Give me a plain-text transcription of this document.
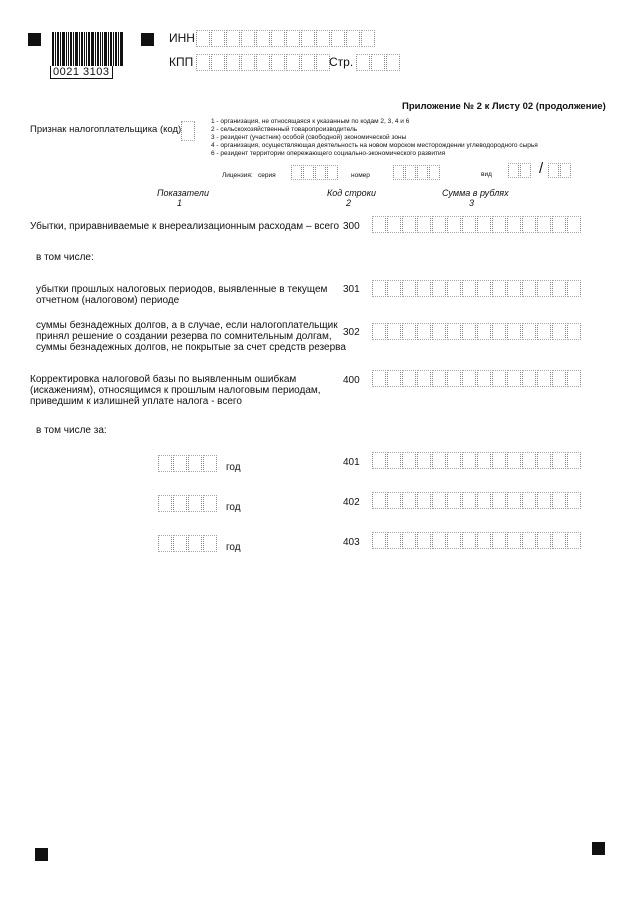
0021 3103
ИНН
КПП	Стр.
Приложение № 2 к Листу 02 (продолжение)
Признак налогоплательщика (код)
1 - организация, не относящаяся к указанным по кодам 2, 3, 4 и 6
2 - сельскохозяйственный товаропроизводитель
3 - резидент (участник) особой (свободной) экономической зоны
4 - организация, осуществляющая деятельность на новом морском месторождении углеводородного сырья
6 - резидент территории опережающего социально-экономического развития
Лицензия: серия	номер	вид	/
Показатели
1
Код строки
2
Сумма в рублях
3
Убытки, приравниваемые к внереализационным расходам – всего 300
в том числе:
убытки прошлых налоговых периодов, выявленные в текущем
отчетном (налоговом) периоде
301
суммы безнадежных долгов, а в случае, если налогоплательщик
принял решение о создании резерва по сомнительным долгам,
суммы безнадежных долгов, не покрытые за счет средств резерва
302
Корректировка налоговой базы по выявленным ошибкам
(искажениям), относящимся к прошлым налоговым периодам,
приведшим к излишней уплате налога - всего
400
в том числе за:
год	401
год	402
год	403
